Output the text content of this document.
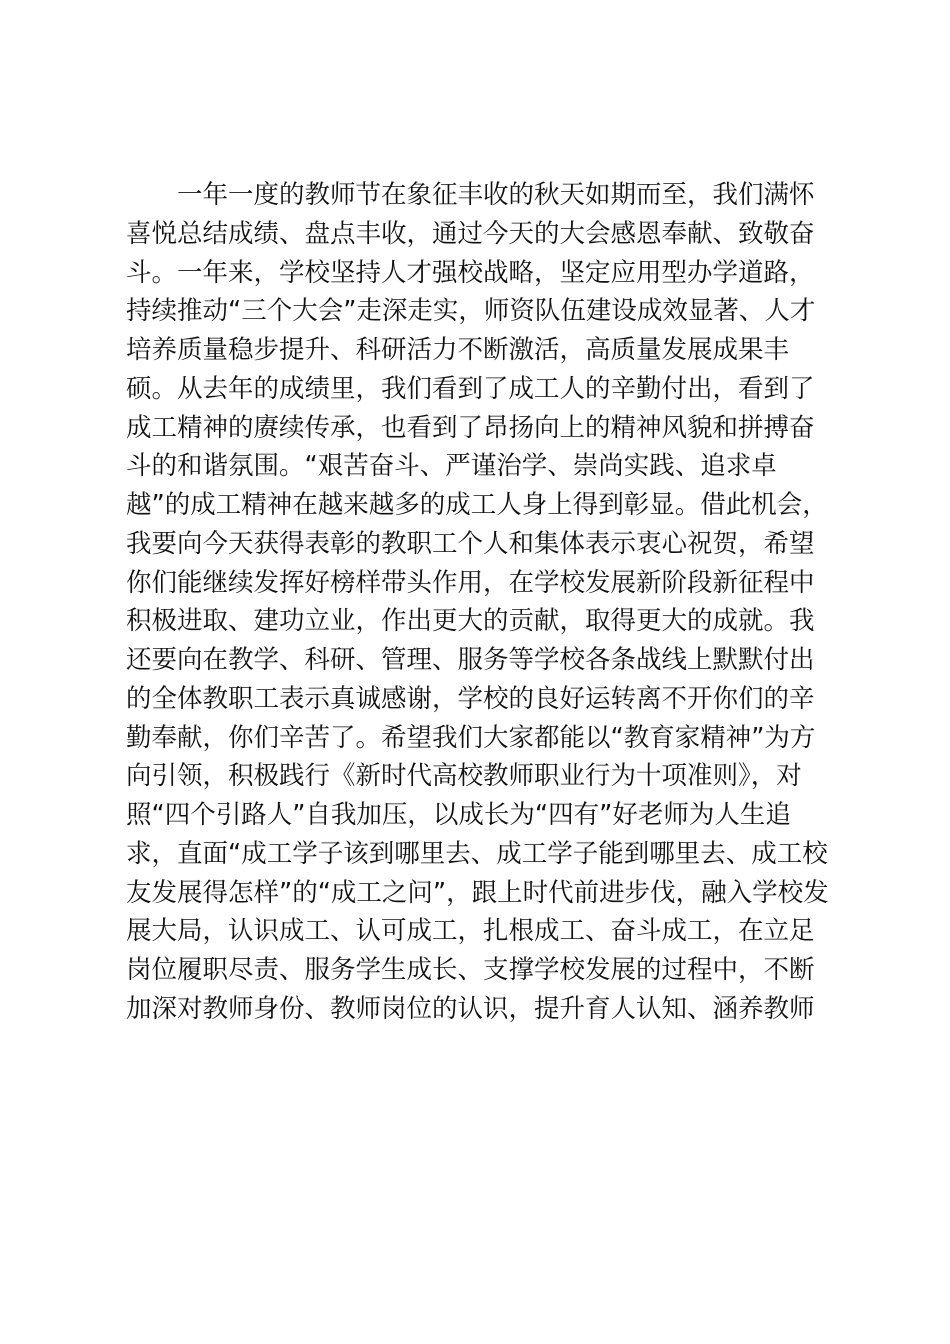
一年一度的教师节在象征丰收的秋天如期而至，我们满怀
喜悦总结成绩、盘点丰收，通过今天的大会感恩奉献、致敬奋
斗。一年来，学校坚持人才强校战略，坚定应用型办学道路，
持续推动“三个大会”走深走实，师资队伍建设成效显著、人才
培养质量稳步提升、科研活力不断激活，高质量发展成果丰
硕。从去年的成绩里，我们看到了成工人的辛勤付出，看到了
成工精神的赓续传承，也看到了昂扬向上的精神风貌和拼搏奋
斗的和谐氛围。“艰苦奋斗、严谨治学、崇尚实践、追求卓
越”的成工精神在越来越多的成工人身上得到彰显。借此机会，
我要向今天获得表彰的教职工个人和集体表示衷心祝贺，希望
你们能继续发挥好榜样带头作用，在学校发展新阶段新征程中
积极进取、建功立业，作出更大的贡献，取得更大的成就。我
还要向在教学、科研、管理、服务等学校各条战线上默默付出
的全体教职工表示真诚感谢，学校的良好运转离不开你们的辛
勤奉献，你们辛苦了。希望我们大家都能以“教育家精神”为方
向引领，积极践行《新时代高校教师职业行为十项准则》，对
照“四个引路人”自我加压，以成长为“四有”好老师为人生追
求，直面“成工学子该到哪里去、成工学子能到哪里去、成工校
友发展得怎样”的“成工之问”，跟上时代前进步伐，融入学校发
展大局，认识成工、认可成工，扎根成工、奋斗成工，在立足
岗位履职尽责、服务学生成长、支撑学校发展的过程中，不断
加深对教师身份、教师岗位的认识，提升育人认知、涵养教师
